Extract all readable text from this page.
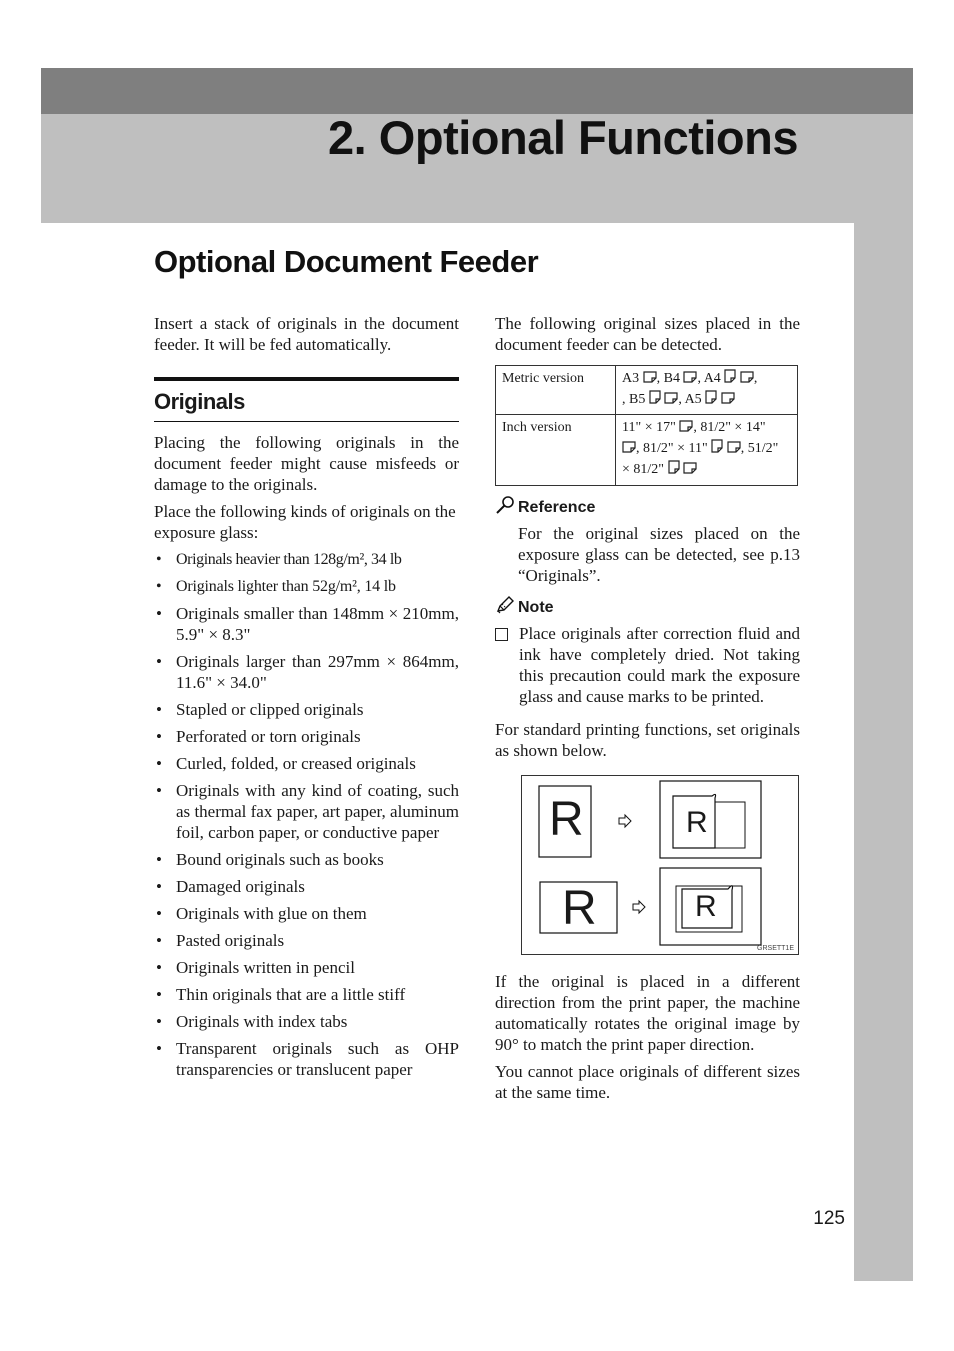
2. Optional Functions
Optional Document Feeder

Insert a stack of originals in the document feeder. It will be fed automatically.

Originals

Placing the following originals in the document feeder might cause misfeeds or damage to the originals.

Place the following kinds of originals on the exposure glass:

• Originals heavier than 128g/m², 34 lb
• Originals lighter than 52g/m², 14 lb
• Originals smaller than 148mm × 210mm, 5.9" × 8.3"
• Originals larger than 297mm × 864mm, 11.6" × 34.0"
• Stapled or clipped originals
• Perforated or torn originals
• Curled, folded, or creased originals
• Originals with any kind of coating, such as thermal fax paper, art paper, aluminum foil, carbon paper, or conductive paper
• Bound originals such as books
• Damaged originals
• Originals with glue on them
• Pasted originals
• Originals written in pencil
• Thin originals that are a little stiff
• Originals with index tabs
• Transparent originals such as OHP transparencies or translucent paper

The following original sizes placed in the document feeder can be detected.

Metric version	A3 , B4 , A4 ,
, B5 , A5
Inch version	11" × 17" , 81/2" × 14"
, 81/2" × 11" , 51/2"
× 81/2"
Reference

For the original sizes placed on the exposure glass can be detected, see p.13 “Originals”.

Note

Place originals after correction fluid and ink have completely dried. Not taking this precaution could mark the exposure glass and cause marks to be printed.

For standard printing functions, set originals as shown below.

R	R
R	R
GRSETT1E

If the original is placed in a different direction from the print paper, the machine automatically rotates the original image by 90° to match the print paper direction.

You cannot place originals of different sizes at the same time.

125
